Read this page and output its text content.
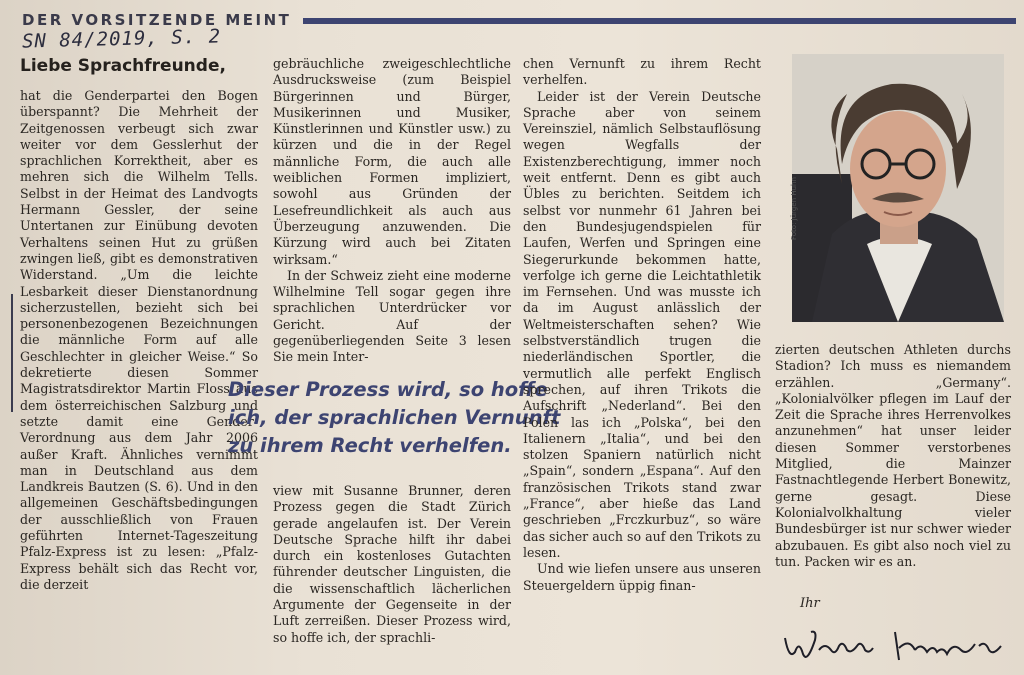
DER VORSITZENDE MEINT
SN 84/2019, S. 2
Liebe Sprachfreunde,

hat die Genderpartei den Bogen überspannt? Die Mehrheit der Zeitgenossen verbeugt sich zwar weiter vor dem Gesslerhut der sprachlichen Korrektheit, aber es mehren sich die Wilhelm Tells. Selbst in der Heimat des Landvogts Hermann Gessler, der seine Untertanen zur Einübung devoten Verhaltens seinen Hut zu grüßen zwingen ließ, gibt es demonstrativen Widerstand. „Um die leichte Lesbarkeit dieser Dienstanordnung sicherzustellen, bezieht sich bei personenbezogenen Bezeichnungen die männliche Form auf alle Geschlechter in gleicher Weise.“ So dekretierte diesen Sommer Magistratsdirektor Martin Floss aus dem österreichischen Salzburg und setzte damit eine Gender-Verordnung aus dem Jahr 2006 außer Kraft. Ähnliches vernimmt man in Deutschland aus dem Landkreis Bautzen (S. 6). Und in den allgemeinen Geschäftsbedingungen der ausschließlich von Frauen geführten Internet-Tageszeitung Pfalz-Express ist zu lesen: „Pfalz-Express behält sich das Recht vor, die derzeit

gebräuchliche zweigeschlechtliche Ausdrucksweise (zum Beispiel Bürgerinnen und Bürger, Musikerinnen und Musiker, Künstlerinnen und Künstler usw.) zu kürzen und die in der Regel männliche Form, die auch alle weiblichen Formen impliziert, sowohl aus Gründen der Lesefreundlichkeit als auch aus Überzeugung anzuwenden. Die Kürzung wird auch bei Zitaten wirksam.“

In der Schweiz zieht eine moderne Wilhelmine Tell sogar gegen ihre sprachlichen Unterdrücker vor Gericht. Auf der gegenüberliegenden Seite 3 lesen Sie mein Inter-

Dieser Prozess wird, so hoffe ich, der sprachlichen Vernunft zu ihrem Recht verhelfen.

view mit Susanne Brunner, deren Prozess gegen die Stadt Zürich gerade angelaufen ist. Der Verein Deutsche Sprache hilft ihr dabei durch ein kostenloses Gutachten führender deutscher Linguisten, die die wissenschaftlich lächerlichen Argumente der Gegenseite in der Luft zerreißen. Dieser Prozess wird, so hoffe ich, der sprachli-

chen Vernunft zu ihrem Recht verhelfen.

Leider ist der Verein Deutsche Sprache aber von seinem Vereinsziel, nämlich Selbstauflösung wegen Wegfalls der Existenzberechtigung, immer noch weit entfernt. Denn es gibt auch Übles zu berichten. Seitdem ich selbst vor nunmehr 61 Jahren bei den Bundesjugendspielen für Laufen, Werfen und Springen eine Siegerurkunde bekommen hatte, verfolge ich gerne die Leichtathletik im Fernsehen. Und was musste ich da im August anlässlich der Weltmeisterschaften sehen? Wie selbstverständlich trugen die niederländischen Sportler, die vermutlich alle perfekt Englisch sprechen, auf ihren Trikots die Aufschrift „Nederland“. Bei den Polen las ich „Polska“, bei den Italienern „Italia“, und bei den stolzen Spaniern natürlich nicht „Spain“, sondern „Espana“. Auf den französischen Trikots stand zwar „France“, aber hieße das Land geschrieben „Frczkurbuz“, so wäre das sicher auch so auf den Trikots zu lesen.

Und wie liefen unsere aus unseren Steuergeldern üppig finan-

Foto: Jürgen Huhn

zierten deutschen Athleten durchs Stadion? Ich muss es niemandem erzählen. „Germany“. „Kolonialvölker pflegen im Lauf der Zeit die Sprache ihres Herrenvolkes anzunehmen“ hat unser leider diesen Sommer verstorbenes Mitglied, die Mainzer Fastnachtlegende Herbert Bonewitz, gerne gesagt. Diese Kolonialvolkhaltung vieler Bundesbürger ist nur schwer wieder abzubauen. Es gibt also noch viel zu tun. Packen wir es an.

Ihr
